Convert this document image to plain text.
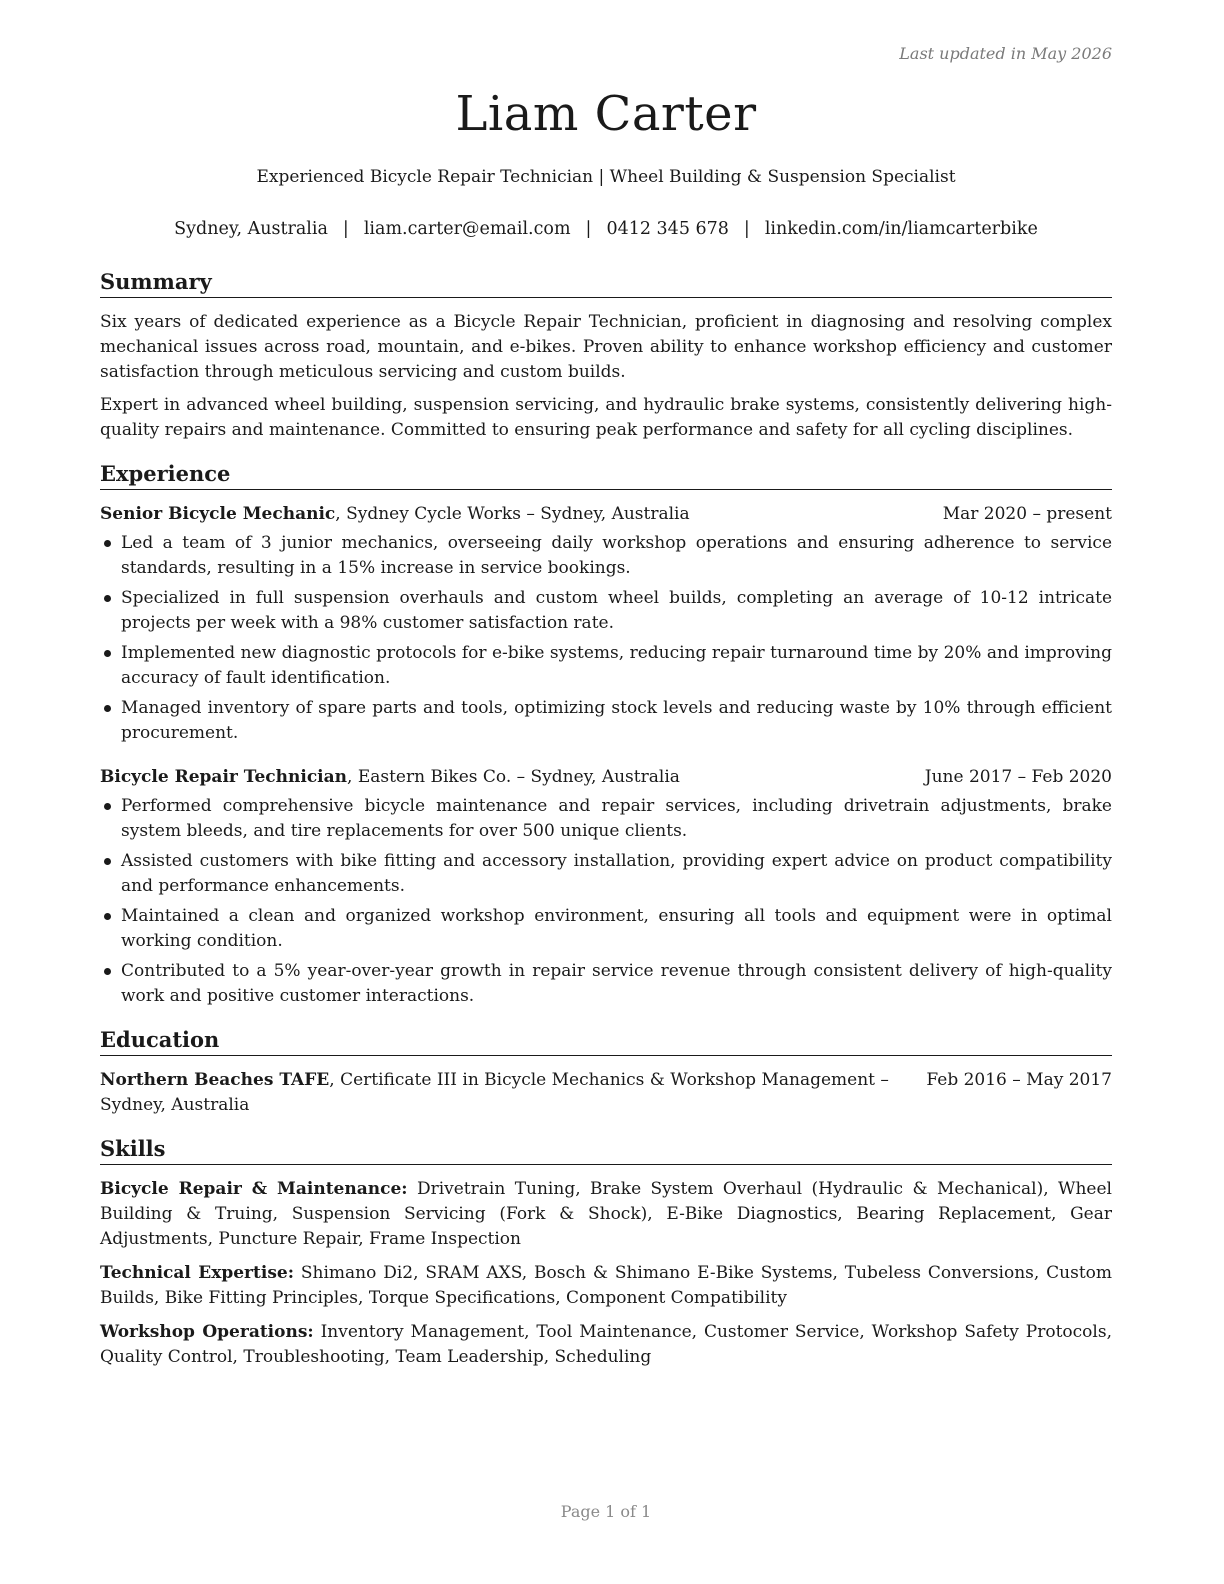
Last updated in May 2026
Liam Carter
Experienced Bicycle Repair Technician | Wheel Building & Suspension Specialist
Sydney, Australia | liam.carter@email.com | 0412 345 678 | linkedin.com/in/liamcarterbike
Summary

Six years of dedicated experience as a Bicycle Repair Technician, proficient in diagnosing and resolving complex mechanical issues across road, mountain, and e-bikes. Proven ability to enhance workshop efficiency and customer satisfaction through meticulous servicing and custom builds.

Expert in advanced wheel building, suspension servicing, and hydraulic brake systems, consistently delivering high-quality repairs and maintenance. Committed to ensuring peak performance and safety for all cycling disciplines.

Experience
Senior Bicycle Mechanic, Sydney Cycle Works – Sydney, Australia	Mar 2020 – present
Led a team of 3 junior mechanics, overseeing daily workshop operations and ensuring adherence to service standards, resulting in a 15% increase in service bookings.
Specialized in full suspension overhauls and custom wheel builds, completing an average of 10-12 intricate projects per week with a 98% customer satisfaction rate.
Implemented new diagnostic protocols for e-bike systems, reducing repair turnaround time by 20% and improving accuracy of fault identification.
Managed inventory of spare parts and tools, optimizing stock levels and reducing waste by 10% through efficient procurement.
Bicycle Repair Technician, Eastern Bikes Co. – Sydney, Australia	June 2017 – Feb 2020
Performed comprehensive bicycle maintenance and repair services, including drivetrain adjustments, brake system bleeds, and tire replacements for over 500 unique clients.
Assisted customers with bike fitting and accessory installation, providing expert advice on product compatibility and performance enhancements.
Maintained a clean and organized workshop environment, ensuring all tools and equipment were in optimal working condition.
Contributed to a 5% year-over-year growth in repair service revenue through consistent delivery of high-quality work and positive customer interactions.
Education
Northern Beaches TAFE, Certificate III in Bicycle Mechanics & Workshop Management – Sydney, Australia
Feb 2016 – May 2017
Skills
Bicycle Repair & Maintenance: Drivetrain Tuning, Brake System Overhaul (Hydraulic & Mechanical), Wheel Building & Truing, Suspension Servicing (Fork & Shock), E-Bike Diagnostics, Bearing Replacement, Gear Adjustments, Puncture Repair, Frame Inspection
Technical Expertise: Shimano Di2, SRAM AXS, Bosch & Shimano E-Bike Systems, Tubeless Conversions, Custom Builds, Bike Fitting Principles, Torque Specifications, Component Compatibility
Workshop Operations: Inventory Management, Tool Maintenance, Customer Service, Workshop Safety Protocols, Quality Control, Troubleshooting, Team Leadership, Scheduling
Page 1 of 1
